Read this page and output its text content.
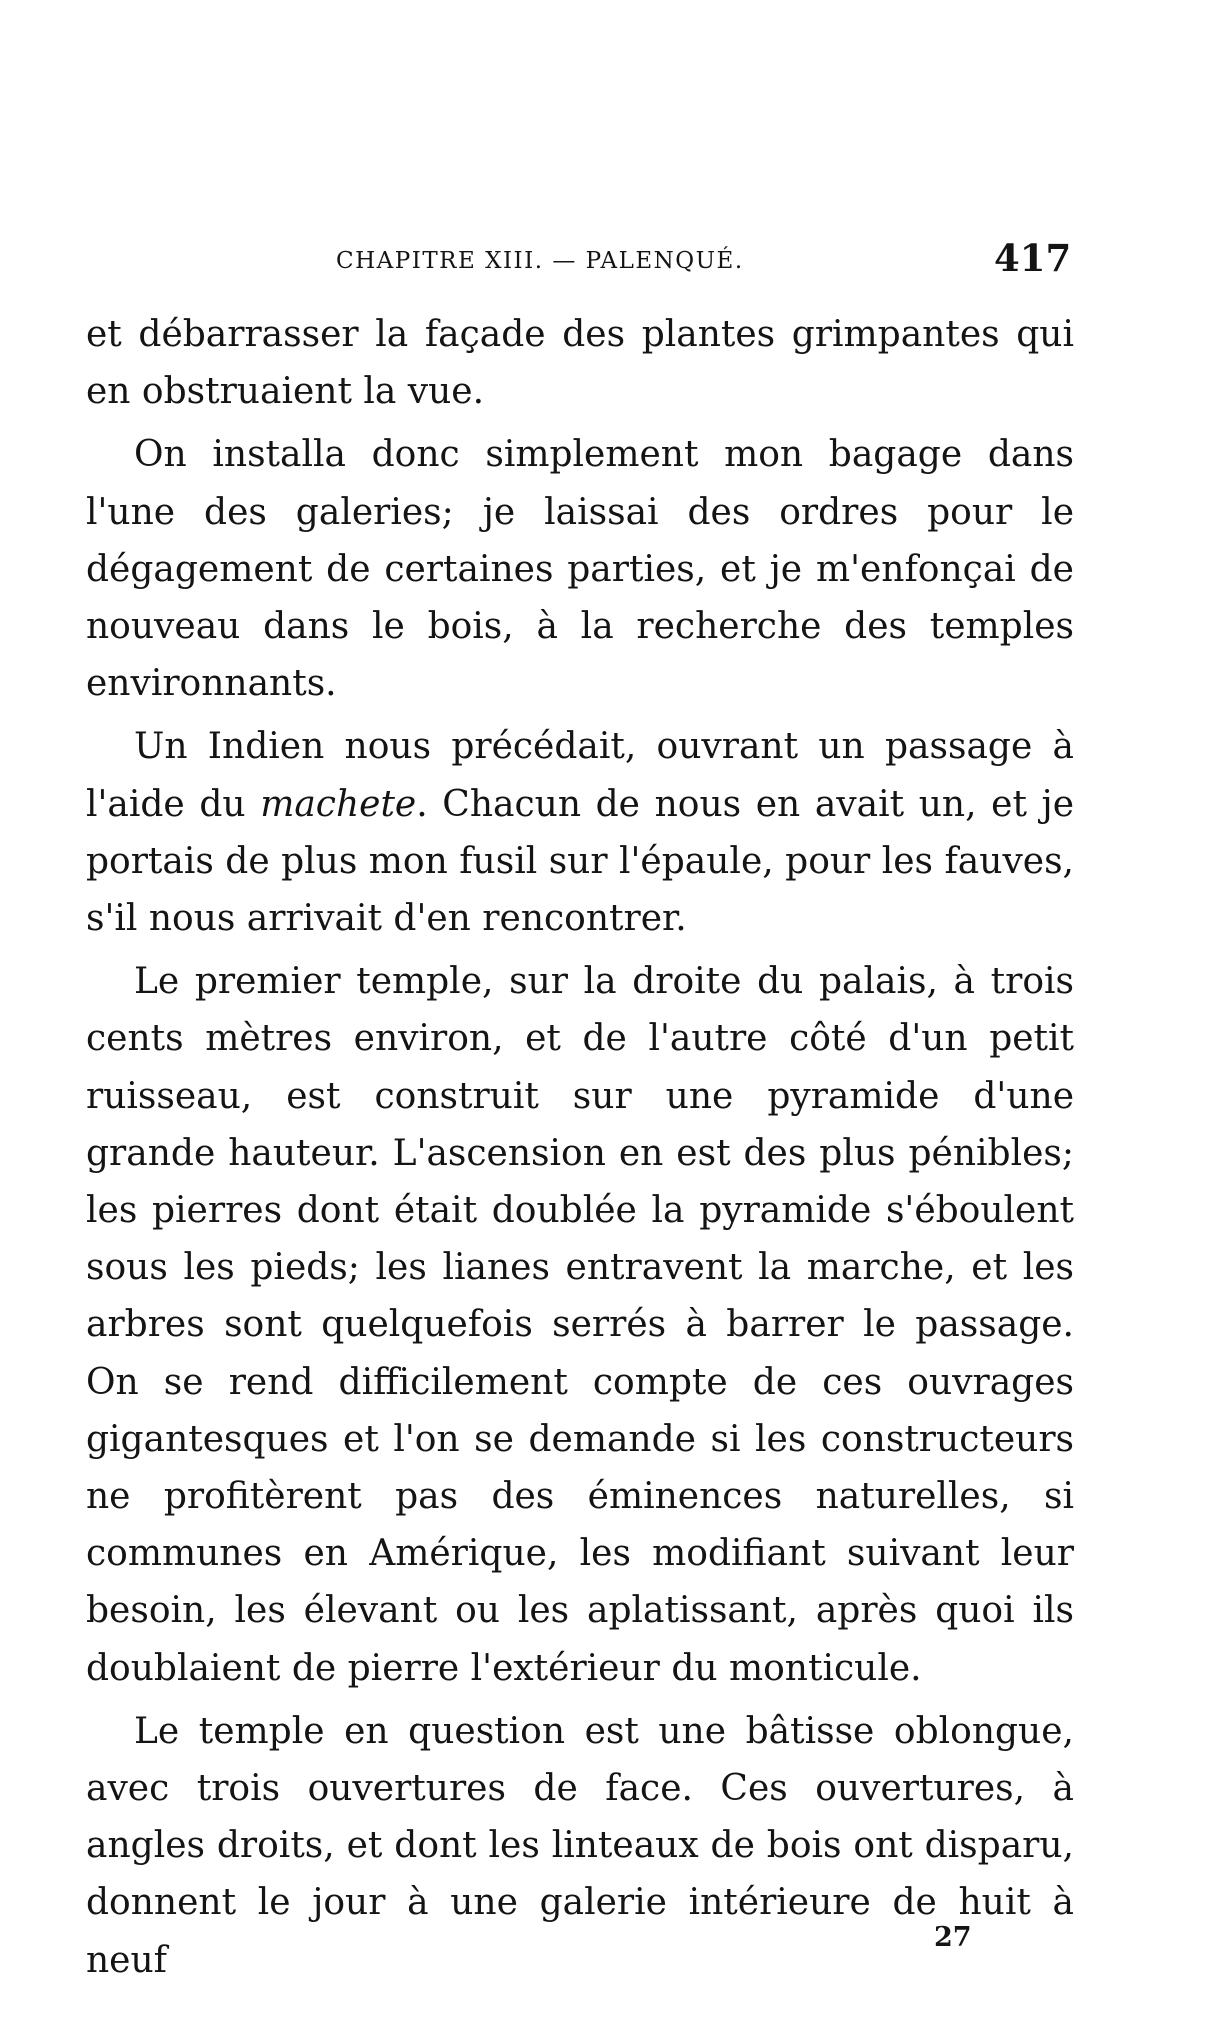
CHAPITRE XIII. — PALENQUÉ.	417

et débarrasser la façade des plantes grimpantes qui en obstruaient la vue.

On installa donc simplement mon bagage dans l'une des galeries; je laissai des ordres pour le dégagement de certaines parties, et je m'enfonçai de nouveau dans le bois, à la recherche des temples environnants.

Un Indien nous précédait, ouvrant un passage à l'aide du machete. Chacun de nous en avait un, et je portais de plus mon fusil sur l'épaule, pour les fauves, s'il nous arrivait d'en rencontrer.

Le premier temple, sur la droite du palais, à trois cents mètres environ, et de l'autre côté d'un petit ruisseau, est construit sur une pyramide d'une grande hauteur. L'ascension en est des plus pénibles; les pierres dont était doublée la pyramide s'éboulent sous les pieds; les lianes entravent la marche, et les arbres sont quelquefois serrés à barrer le passage. On se rend difficilement compte de ces ouvrages gigantesques et l'on se demande si les constructeurs ne profitèrent pas des éminences naturelles, si communes en Amérique, les modifiant suivant leur besoin, les élevant ou les aplatissant, après quoi ils doublaient de pierre l'extérieur du monticule.

Le temple en question est une bâtisse oblongue, avec trois ouvertures de face. Ces ouvertures, à angles droits, et dont les linteaux de bois ont disparu, donnent le jour à une galerie intérieure de huit à neuf

27
